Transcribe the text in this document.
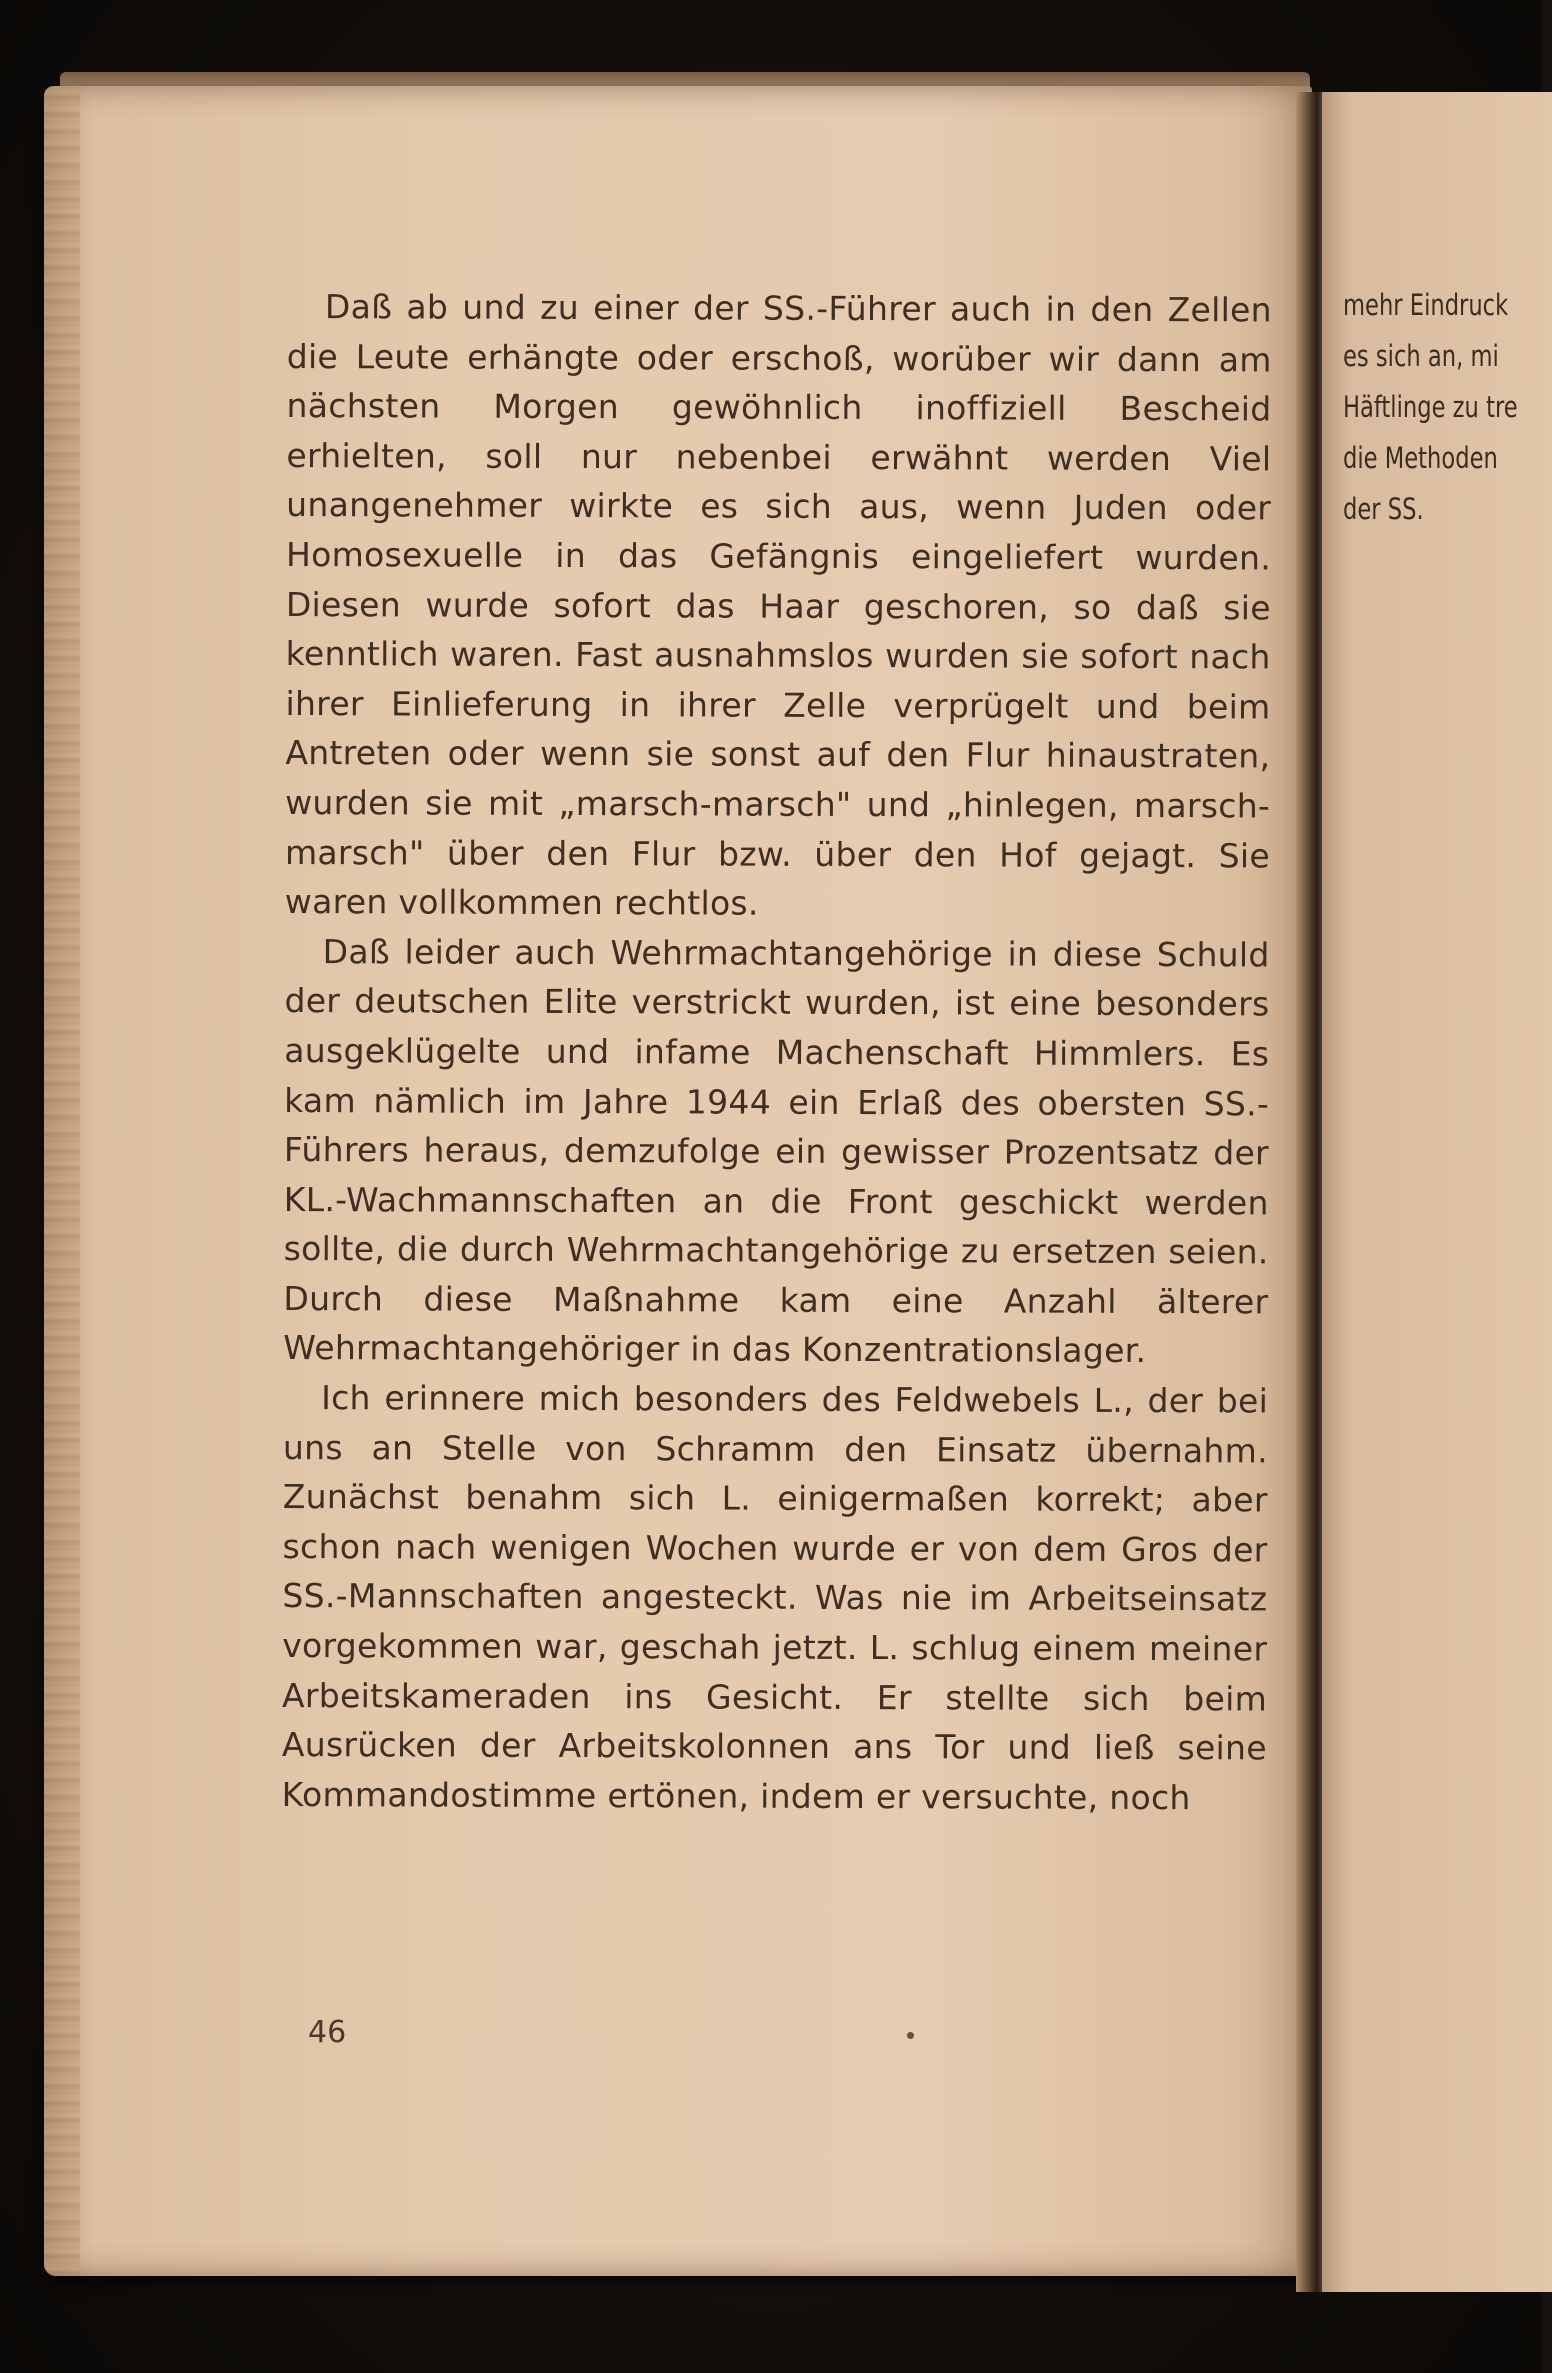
Daß ab und zu einer der SS.-Führer auch in den Zellen die Leute erhängte oder erschoß, worüber wir dann am nächsten Morgen gewöhnlich inoffiziell Bescheid erhielten, soll nur nebenbei erwähnt werden Viel unangenehmer wirkte es sich aus, wenn Juden oder Homosexuelle in das Gefängnis eingeliefert wurden. Diesen wurde sofort das Haar geschoren, so daß sie kenntlich waren. Fast ausnahmslos wurden sie sofort nach ihrer Einlieferung in ihrer Zelle verprügelt und beim Antreten oder wenn sie sonst auf den Flur hinaustraten, wurden sie mit „marsch-marsch" und „hinlegen, marsch-marsch" über den Flur bzw. über den Hof gejagt. Sie waren vollkommen rechtlos.

Daß leider auch Wehrmachtangehörige in diese Schuld der deutschen Elite verstrickt wurden, ist eine besonders ausgeklügelte und infame Machenschaft Himmlers. Es kam nämlich im Jahre 1944 ein Erlaß des obersten SS.-Führers heraus, demzufolge ein gewisser Prozentsatz der KL.-Wachmannschaften an die Front geschickt werden sollte, die durch Wehrmachtangehörige zu ersetzen seien. Durch diese Maßnahme kam eine Anzahl älterer Wehrmachtangehöriger in das Konzentrationslager.

Ich erinnere mich besonders des Feldwebels L., der bei uns an Stelle von Schramm den Einsatz übernahm. Zunächst benahm sich L. einigermaßen korrekt; aber schon nach wenigen Wochen wurde er von dem Gros der SS.-Mannschaften angesteckt. Was nie im Arbeitseinsatz vorgekommen war, geschah jetzt. L. schlug einem meiner Arbeitskameraden ins Gesicht. Er stellte sich beim Ausrücken der Arbeitskolonnen ans Tor und ließ seine Kommandostimme ertönen, indem er versuchte, noch

46
mehr Eindruck
es sich an, mi
Häftlinge zu tre
die Methoden
der SS.
